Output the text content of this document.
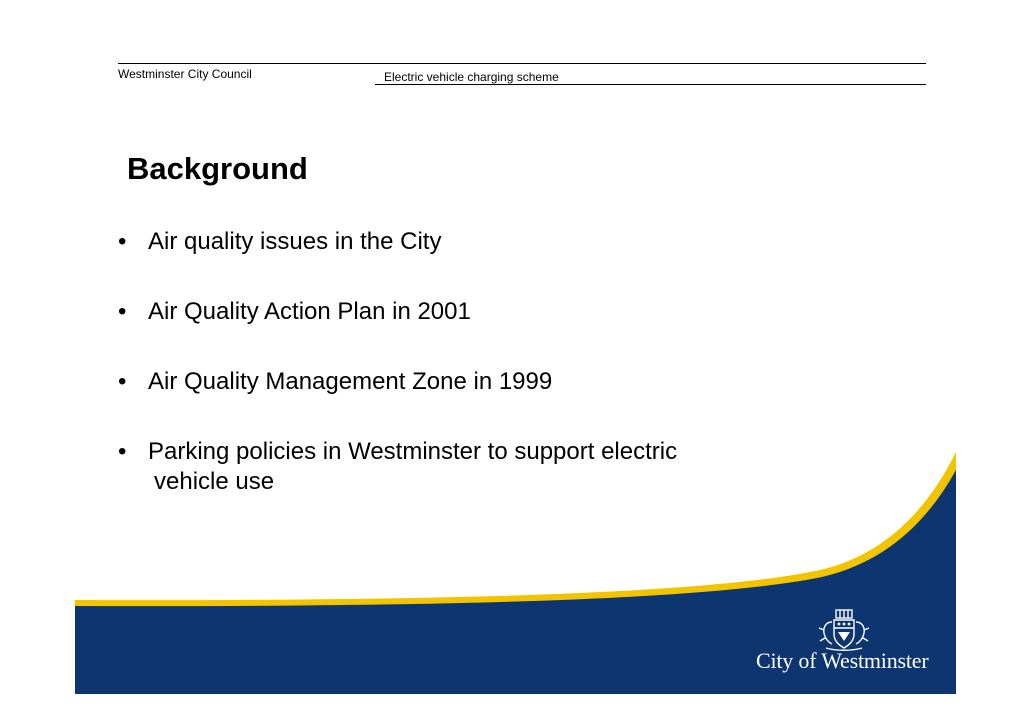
Westminster City Council	Electric vehicle charging scheme
Background
• Air quality issues in the City
• Air Quality Action Plan in 2001
• Air Quality Management Zone in 1999
• Parking policies in Westminster to support electric
vehicle use
City of Westminster
